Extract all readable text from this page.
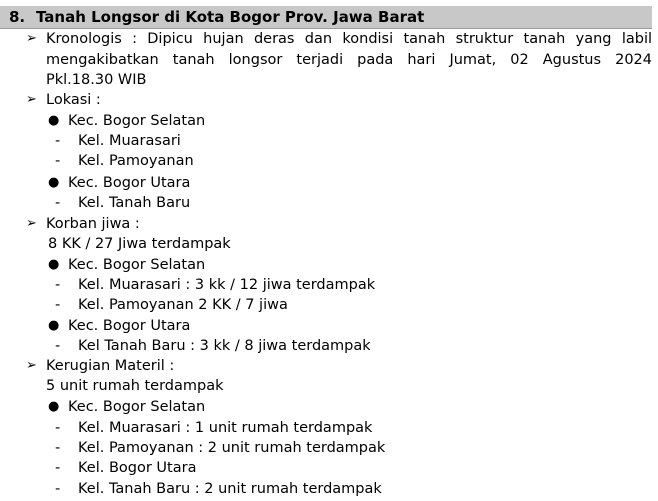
8. Tanah Longsor di Kota Bogor Prov. Jawa Barat
➢ Kronologis : Dipicu hujan deras dan kondisi tanah struktur tanah yang labil
mengakibatkan tanah longsor terjadi pada hari Jumat, 02 Agustus 2024
Pkl.18.30 WIB
➢ Lokasi :
● Kec. Bogor Selatan
- Kel. Muarasari
- Kel. Pamoyanan
● Kec. Bogor Utara
- Kel. Tanah Baru
➢ Korban jiwa :
8 KK / 27 Jiwa terdampak
● Kec. Bogor Selatan
- Kel. Muarasari : 3 kk / 12 jiwa terdampak
- Kel. Pamoyanan 2 KK / 7 jiwa
● Kec. Bogor Utara
- Kel Tanah Baru : 3 kk / 8 jiwa terdampak
➢ Kerugian Materil :
5 unit rumah terdampak
● Kec. Bogor Selatan
- Kel. Muarasari : 1 unit rumah terdampak
- Kel. Pamoyanan : 2 unit rumah terdampak
- Kel. Bogor Utara
- Kel. Tanah Baru : 2 unit rumah terdampak
